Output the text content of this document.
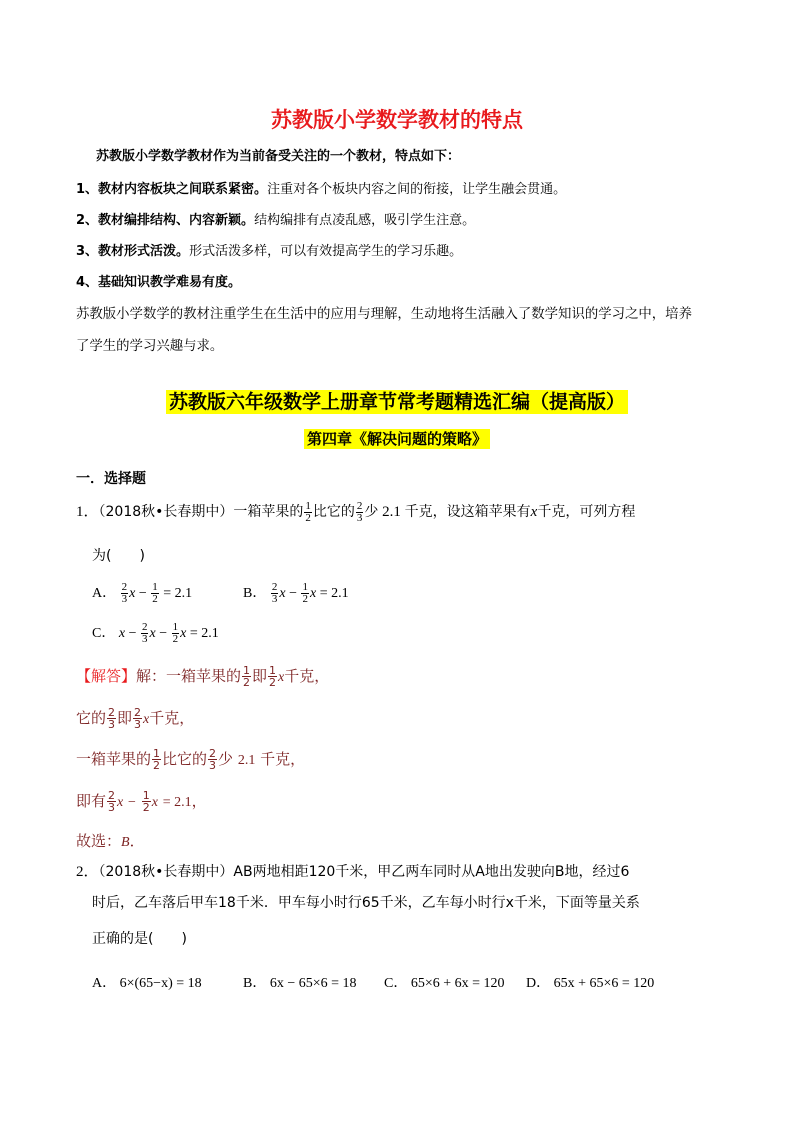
苏教版小学数学教材的特点
苏教版小学数学教材作为当前备受关注的一个教材，特点如下：
1、教材内容板块之间联系紧密。注重对各个板块内容之间的衔接，让学生融会贯通。
2、教材编排结构、内容新颖。结构编排有点凌乱感，吸引学生注意。
3、教材形式活泼。形式活泼多样，可以有效提高学生的学习乐趣。
4、基础知识教学难易有度。
苏教版小学数学的教材注重学生在生活中的应用与理解，生动地将生活融入了数学知识的学习之中，培养
了学生的学习兴趣与求。
苏教版六年级数学上册章节常考题精选汇编（提高版）
第四章《解决问题的策略》
一．选择题
1．（2018秋•长春期中）一箱苹果的 $\frac{1}{2}$ 比它的 $\frac{2}{3}$ 少 2.1 千克，设这箱苹果有x千克，可列方程
为(　　)
A． $\frac{2}{3}$ $x - \frac{1}{2} = 2.1$	B． $\frac{2}{3}$ $x - \frac{1}{2}$ x = 2.1
C． $x - \frac{2}{3}$ $x - \frac{1}{2}$ x = 2.1
【解答】解：一箱苹果的 $\frac{1}{2}$ 即 $\frac{1}{2}$ x千克，
它的 $\frac{2}{3}$ 即 $\frac{2}{3}$ x千克，
一箱苹果的 $\frac{1}{2}$ 比它的 $\frac{2}{3}$ 少 2.1 千克，
即有 $\frac{2}{3}$ $x - \frac{1}{2}$ x = 2.1，
故选：B．
2．（2018秋•长春期中）AB两地相距120千米，甲乙两车同时从A地出发驶向B地，经过6
时后，乙车落后甲车18千米．甲车每小时行65千米，乙车每小时行x千米，下面等量关系
正确的是(　　)
A． 6×(65−x) = 18	B． 6x − 65×6 = 18 C． 65×6 + 6x = 120 D． 65x + 65×6 = 120
